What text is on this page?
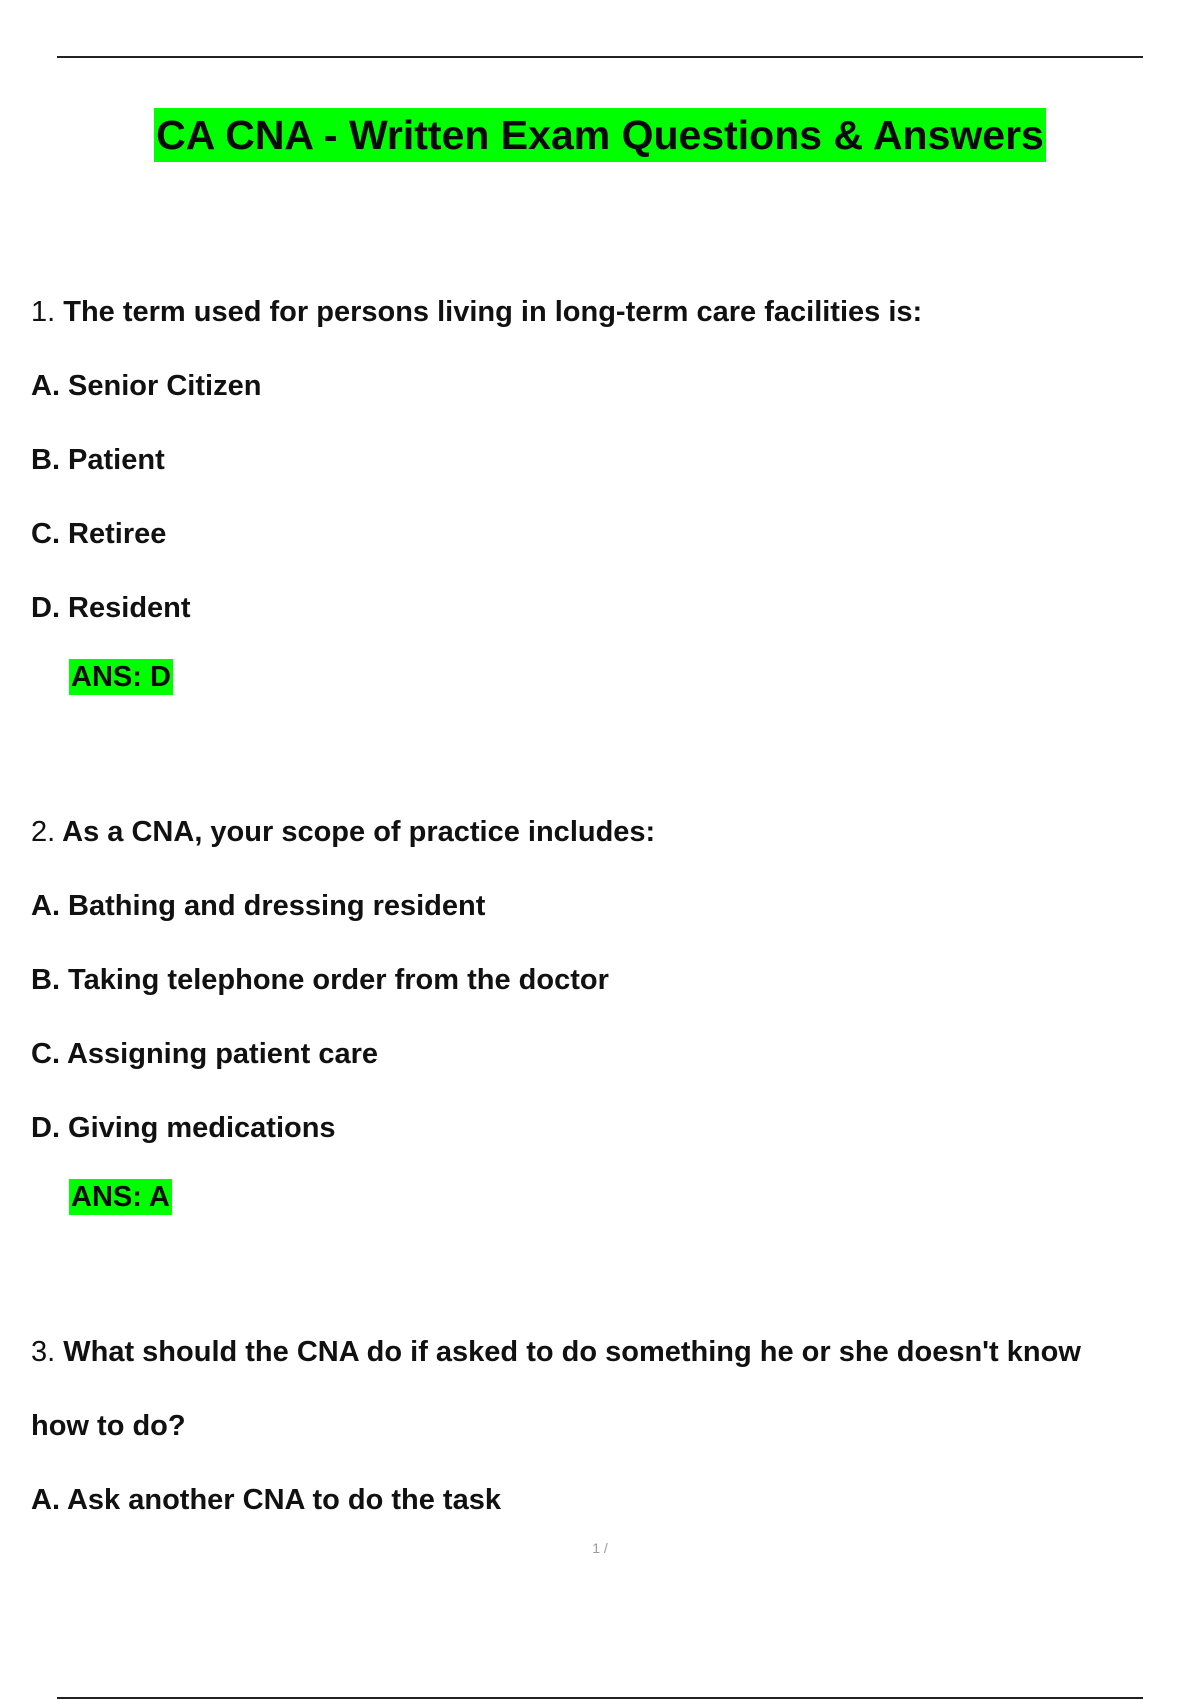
CA CNA - Written Exam Questions & Answers
1. The term used for persons living in long-term care facilities is:
A. Senior Citizen
B. Patient
C. Retiree
D. Resident
ANS: D
2. As a CNA, your scope of practice includes:
A. Bathing and dressing resident
B. Taking telephone order from the doctor
C. Assigning patient care
D. Giving medications
ANS: A
3. What should the CNA do if asked to do something he or she doesn't know
how to do?
A. Ask another CNA to do the task
1 /
